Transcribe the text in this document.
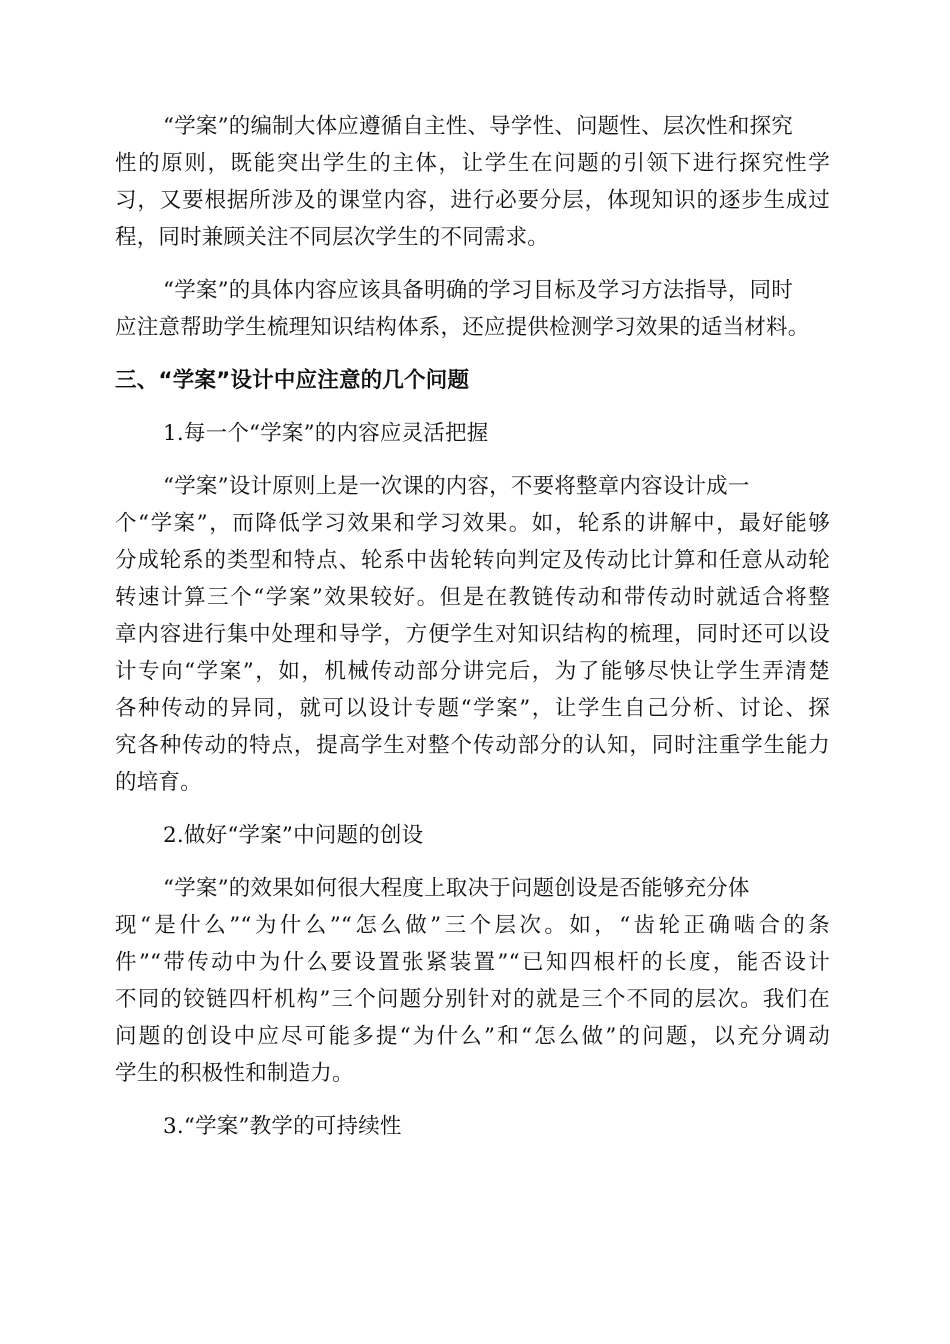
“学案”的编制大体应遵循自主性、导学性、问题性、层次性和探究
性的原则，既能突出学生的主体，让学生在问题的引领下进行探究性学
习，又要根据所涉及的课堂内容，进行必要分层，体现知识的逐步生成过
程，同时兼顾关注不同层次学生的不同需求。
“学案”的具体内容应该具备明确的学习目标及学习方法指导，同时
应注意帮助学生梳理知识结构体系，还应提供检测学习效果的适当材料。
三、“学案”设计中应注意的几个问题
1.每一个“学案”的内容应灵活把握
“学案”设计原则上是一次课的内容，不要将整章内容设计成一
个“学案”，而降低学习效果和学习效果。如，轮系的讲解中，最好能够
分成轮系的类型和特点、轮系中齿轮转向判定及传动比计算和任意从动轮
转速计算三个“学案”效果较好。但是在教链传动和带传动时就适合将整
章内容进行集中处理和导学，方便学生对知识结构的梳理，同时还可以设
计专向“学案”，如，机械传动部分讲完后，为了能够尽快让学生弄清楚
各种传动的异同，就可以设计专题“学案”，让学生自己分析、讨论、探
究各种传动的特点，提高学生对整个传动部分的认知，同时注重学生能力
的培育。
2.做好“学案”中问题的创设
“学案”的效果如何很大程度上取决于问题创设是否能够充分体
现“是什么”“为什么”“怎么做”三个层次。如，“齿轮正确啮合的条
件”“带传动中为什么要设置张紧装置”“已知四根杆的长度，能否设计
不同的铰链四杆机构”三个问题分别针对的就是三个不同的层次。我们在
问题的创设中应尽可能多提“为什么”和“怎么做”的问题，以充分调动
学生的积极性和制造力。
3.“学案”教学的可持续性
